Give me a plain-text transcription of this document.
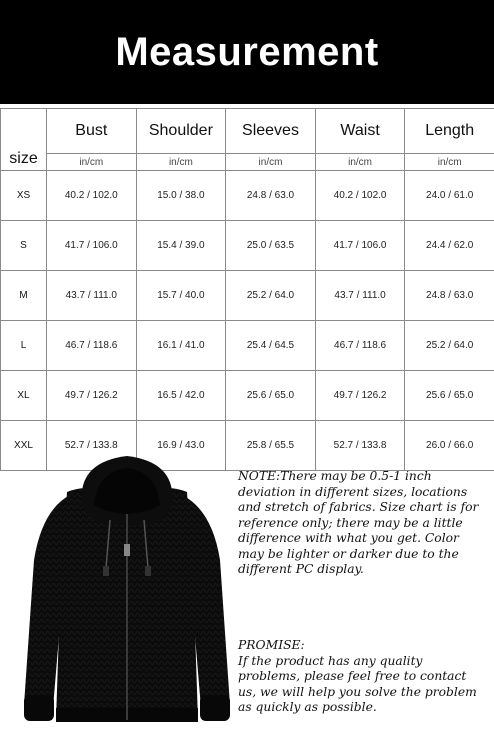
Measurement
size	Bust	Shoulder	Sleeves	Waist	Length
	in/cm	in/cm	in/cm	in/cm	in/cm
XS	40.2 / 102.0	15.0 / 38.0	24.8 / 63.0	40.2 / 102.0	24.0 / 61.0
S	41.7 / 106.0	15.4 / 39.0	25.0 / 63.5	41.7 / 106.0	24.4 / 62.0
M	43.7 / 111.0	15.7 / 40.0	25.2 / 64.0	43.7 / 111.0	24.8 / 63.0
L	46.7 / 118.6	16.1 / 41.0	25.4 / 64.5	46.7 / 118.6	25.2 / 64.0
XL	49.7 / 126.2	16.5 / 42.0	25.6 / 65.0	49.7 / 126.2	25.6 / 65.0
XXL	52.7 / 133.8	16.9 / 43.0	25.8 / 65.5	52.7 / 133.8	26.0 / 66.0

NOTE:There may be 0.5-1 inch deviation in different sizes, locations and stretch of fabrics. Size chart is for reference only; there may be a little difference with what you get. Color may be lighter or darker due to the different PC display.

PROMISE:

If the product has any quality problems, please feel free to contact us, we will help you solve the problem as quickly as possible.
